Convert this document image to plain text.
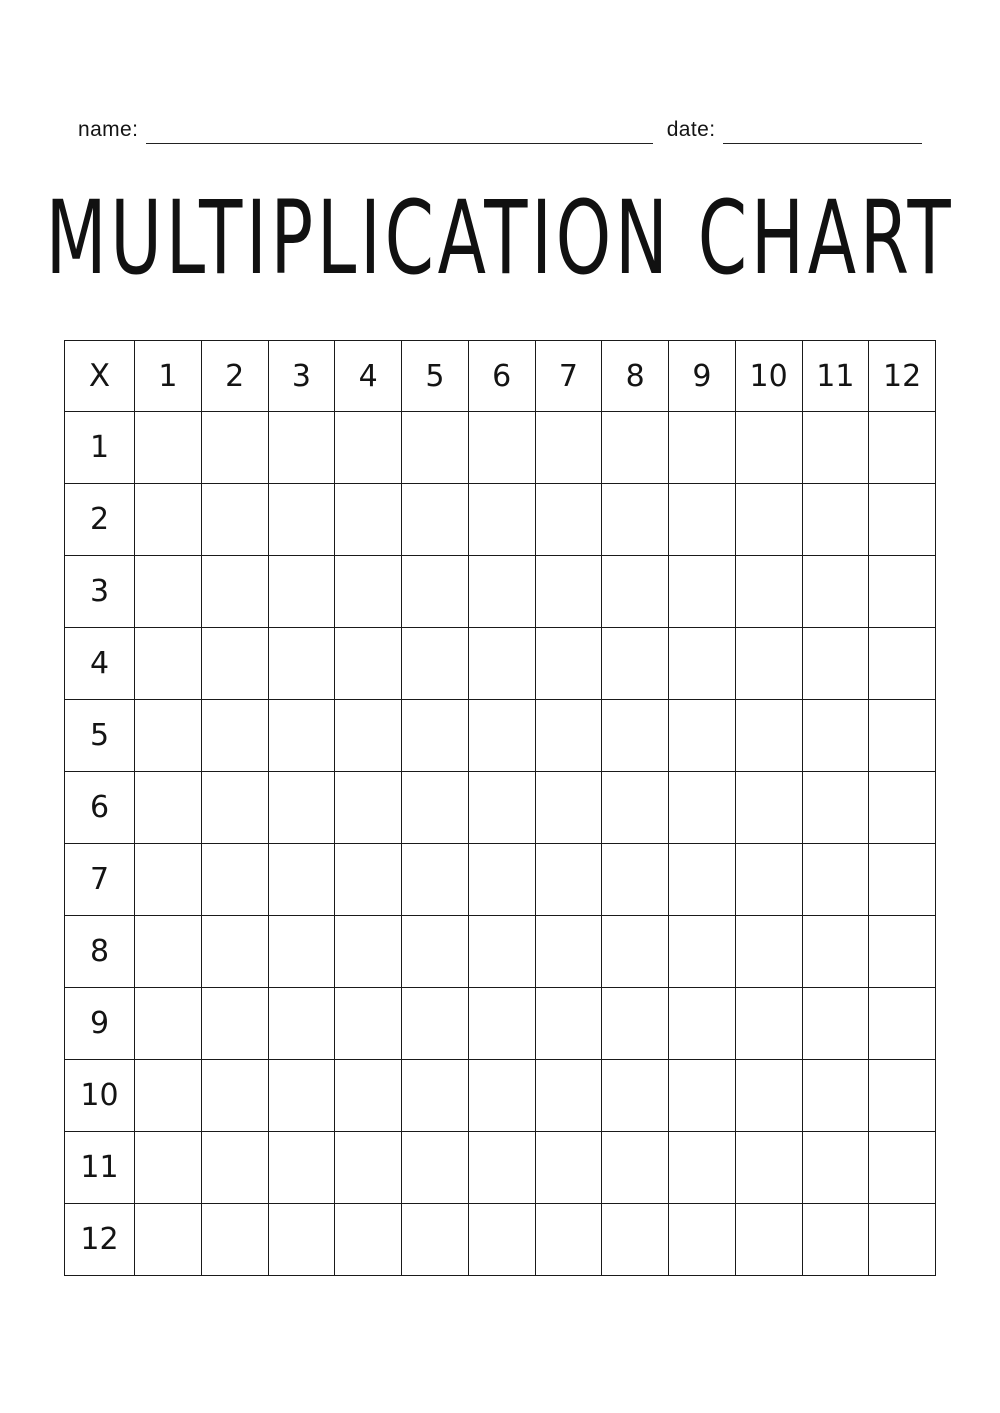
name:	date:
MULTIPLICATION CHART
X	1	2	3	4	5	6	7	8	9	10	11	12
1												
2												
3												
4												
5												
6												
7												
8												
9												
10												
11												
12												
